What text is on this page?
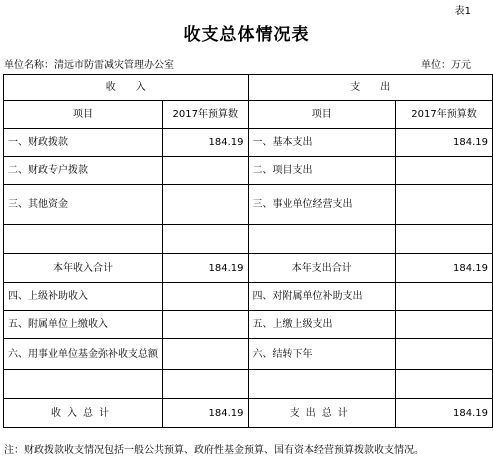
表1
收支总体情况表
单位名称：清远市防雷减灾管理办公室	单位：万元
收　　入		支　　出	
项目	2017年预算数	项目	2017年预算数
一、财政拨款	184.19	一、基本支出	184.19
二、财政专户拨款		二、项目支出	
三、其他资金		三、事业单位经营支出	

本年收入合计	184.19	本年支出合计	184.19
四、上级补助收入		四、对附属单位补助支出	
五、附属单位上缴收入		五、上缴上级支出	
六、用事业单位基金弥补收支总额		六、结转下年	

收入总计	184.19	支出总计	184.19
注：财政拨款收支情况包括一般公共预算、政府性基金预算、国有资本经营预算拨款收支情况。
